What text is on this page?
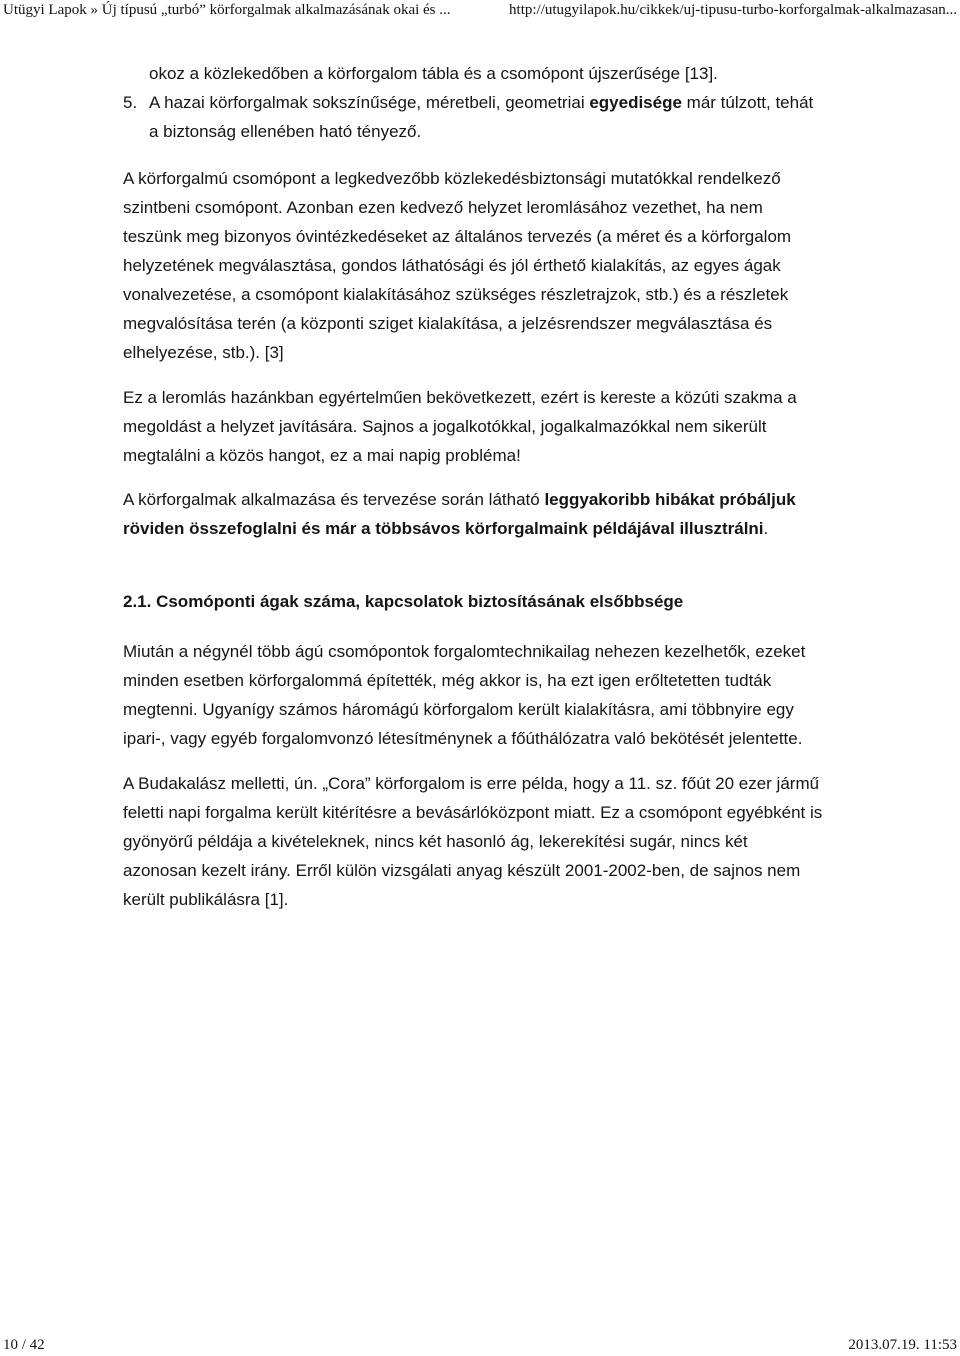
Utügyi Lapok » Új típusú „turbó” körforgalmak alkalmazásának okai és ...	http://utugyilapok.hu/cikkek/uj-tipusu-turbo-korforgalmak-alkalmazasan...

okoz a közlekedőben a körforgalom tábla és a csomópont újszerűsége [13].

5. A hazai körforgalmak sokszínűsége, méretbeli, geometriai egyedisége már túlzott, tehát a biztonság ellenében ható tényező.

A körforgalmú csomópont a legkedvezőbb közlekedésbiztonsági mutatókkal rendelkező szintbeni csomópont. Azonban ezen kedvező helyzet leromlásához vezethet, ha nem teszünk meg bizonyos óvintézkedéseket az általános tervezés (a méret és a körforgalom helyzetének megválasztása, gondos láthatósági és jól érthető kialakítás, az egyes ágak vonalvezetése, a csomópont kialakításához szükséges részletrajzok, stb.) és a részletek megvalósítása terén (a központi sziget kialakítása, a jelzésrendszer megválasztása és elhelyezése, stb.). [3]

Ez a leromlás hazánkban egyértelműen bekövetkezett, ezért is kereste a közúti szakma a megoldást a helyzet javítására. Sajnos a jogalkotókkal, jogalkalmazókkal nem sikerült megtalálni a közös hangot, ez a mai napig probléma!

A körforgalmak alkalmazása és tervezése során látható leggyakoribb hibákat próbáljuk röviden összefoglalni és már a többsávos körforgalmaink példájával illusztrálni.

2.1. Csomóponti ágak száma, kapcsolatok biztosításának elsőbbsége

Miután a négynél több ágú csomópontok forgalomtechnikailag nehezen kezelhetők, ezeket minden esetben körforgalommá építették, még akkor is, ha ezt igen erőltetetten tudták megtenni. Ugyanígy számos háromágú körforgalom került kialakításra, ami többnyire egy ipari-, vagy egyéb forgalomvonzó létesítménynek a főúthálózatra való bekötését jelentette.

A Budakalász melletti, ún. „Cora” körforgalom is erre példa, hogy a 11. sz. főút 20 ezer jármű feletti napi forgalma került kitérítésre a bevásárlóközpont miatt. Ez a csomópont egyébként is gyönyörű példája a kivételeknek, nincs két hasonló ág, lekerekítési sugár, nincs két azonosan kezelt irány. Erről külön vizsgálati anyag készült 2001-2002-ben, de sajnos nem került publikálásra [1].

10 / 42	2013.07.19. 11:53
